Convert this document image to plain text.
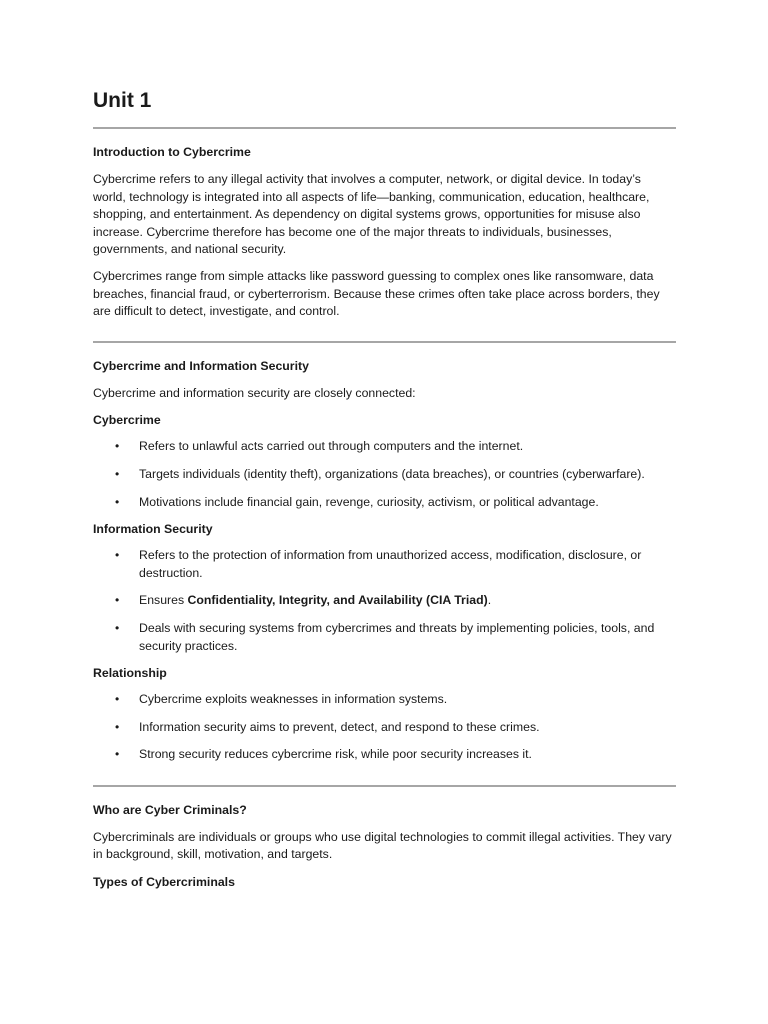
Unit 1
Introduction to Cybercrime

Cybercrime refers to any illegal activity that involves a computer, network, or digital device. In today’s world, technology is integrated into all aspects of life—banking, communication, education, healthcare, shopping, and entertainment. As dependency on digital systems grows, opportunities for misuse also increase. Cybercrime therefore has become one of the major threats to individuals, businesses, governments, and national security.

Cybercrimes range from simple attacks like password guessing to complex ones like ransomware, data breaches, financial fraud, or cyberterrorism. Because these crimes often take place across borders, they are difficult to detect, investigate, and control.

Cybercrime and Information Security

Cybercrime and information security are closely connected:

Cybercrime
• Refers to unlawful acts carried out through computers and the internet.
• Targets individuals (identity theft), organizations (data breaches), or countries (cyberwarfare).
• Motivations include financial gain, revenge, curiosity, activism, or political advantage.
Information Security
• Refers to the protection of information from unauthorized access, modification, disclosure, or destruction.
• Ensures Confidentiality, Integrity, and Availability (CIA Triad).
• Deals with securing systems from cybercrimes and threats by implementing policies, tools, and security practices.
Relationship
• Cybercrime exploits weaknesses in information systems.
• Information security aims to prevent, detect, and respond to these crimes.
• Strong security reduces cybercrime risk, while poor security increases it.
Who are Cyber Criminals?

Cybercriminals are individuals or groups who use digital technologies to commit illegal activities. They vary in background, skill, motivation, and targets.

Types of Cybercriminals
